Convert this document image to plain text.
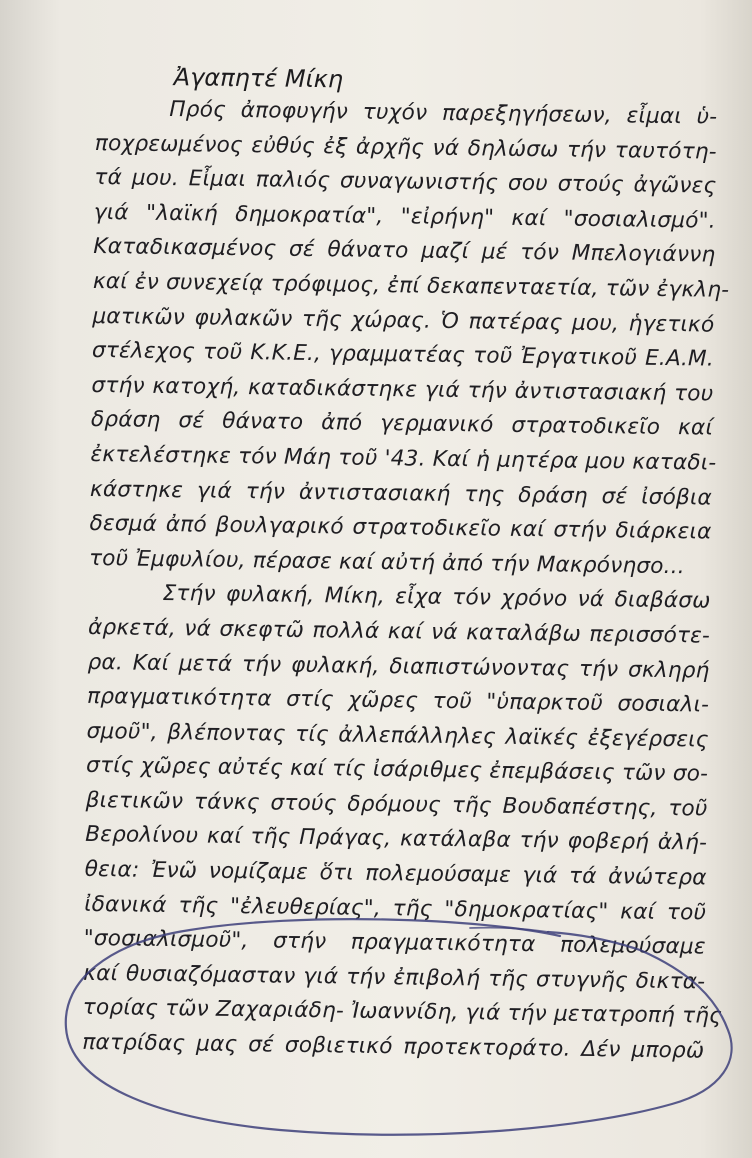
Ἀγαπητέ Μίκη
Πρός ἀποφυγήν τυχόν παρεξηγήσεων, εἶμαι ὑ-
ποχρεωμένος εὐθύς ἐξ ἀρχῆς νά δηλώσω τήν ταυτότη-
τά μου. Εἶμαι παλιός συναγωνιστής σου στούς ἀγῶνες
γιά "λαϊκή δημοκρατία", "εἰρήνη" καί "σοσιαλισμό".
Καταδικασμένος σέ θάνατο μαζί μέ τόν Μπελογιάννη
καί ἐν συνεχείᾳ τρόφιμος, ἐπί δεκαπενταετία, τῶν ἐγκλη-
ματικῶν φυλακῶν τῆς χώρας. Ὁ πατέρας μου, ἡγετικό
στέλεχος τοῦ Κ.Κ.Ε., γραμματέας τοῦ Ἐργατικοῦ Ε.Α.Μ.
στήν κατοχή, καταδικάστηκε γιά τήν ἀντιστασιακή του
δράση σέ θάνατο ἀπό γερμανικό στρατοδικεῖο καί
ἐκτελέστηκε τόν Μάη τοῦ '43. Καί ἡ μητέρα μου καταδι-
κάστηκε γιά τήν ἀντιστασιακή της δράση σέ ἰσόβια
δεσμά ἀπό βουλγαρικό στρατοδικεῖο καί στήν διάρκεια
τοῦ Ἐμφυλίου, πέρασε καί αὐτή ἀπό τήν Μακρόνησο...
Στήν φυλακή, Μίκη, εἶχα τόν χρόνο νά διαβάσω
ἀρκετά, νά σκεφτῶ πολλά καί νά καταλάβω περισσότε-
ρα. Καί μετά τήν φυλακή, διαπιστώνοντας τήν σκληρή
πραγματικότητα στίς χῶρες τοῦ "ὑπαρκτοῦ σοσιαλι-
σμοῦ", βλέποντας τίς ἀλλεπάλληλες λαϊκές ἐξεγέρσεις
στίς χῶρες αὐτές καί τίς ἰσάριθμες ἐπεμβάσεις τῶν σο-
βιετικῶν τάνκς στούς δρόμους τῆς Βουδαπέστης, τοῦ
Βερολίνου καί τῆς Πράγας, κατάλαβα τήν φοβερή ἀλή-
θεια: Ἐνῶ νομίζαμε ὅτι πολεμούσαμε γιά τά ἀνώτερα
ἰδανικά τῆς "ἐλευθερίας", τῆς "δημοκρατίας" καί τοῦ
"σοσιαλισμοῦ", στήν πραγματικότητα πολεμούσαμε
καί θυσιαζόμασταν γιά τήν ἐπιβολή τῆς στυγνῆς δικτα-
τορίας τῶν Ζαχαριάδη- Ἰωαννίδη, γιά τήν μετατροπή τῆς
πατρίδας μας σέ σοβιετικό προτεκτοράτο. Δέν μπορῶ
